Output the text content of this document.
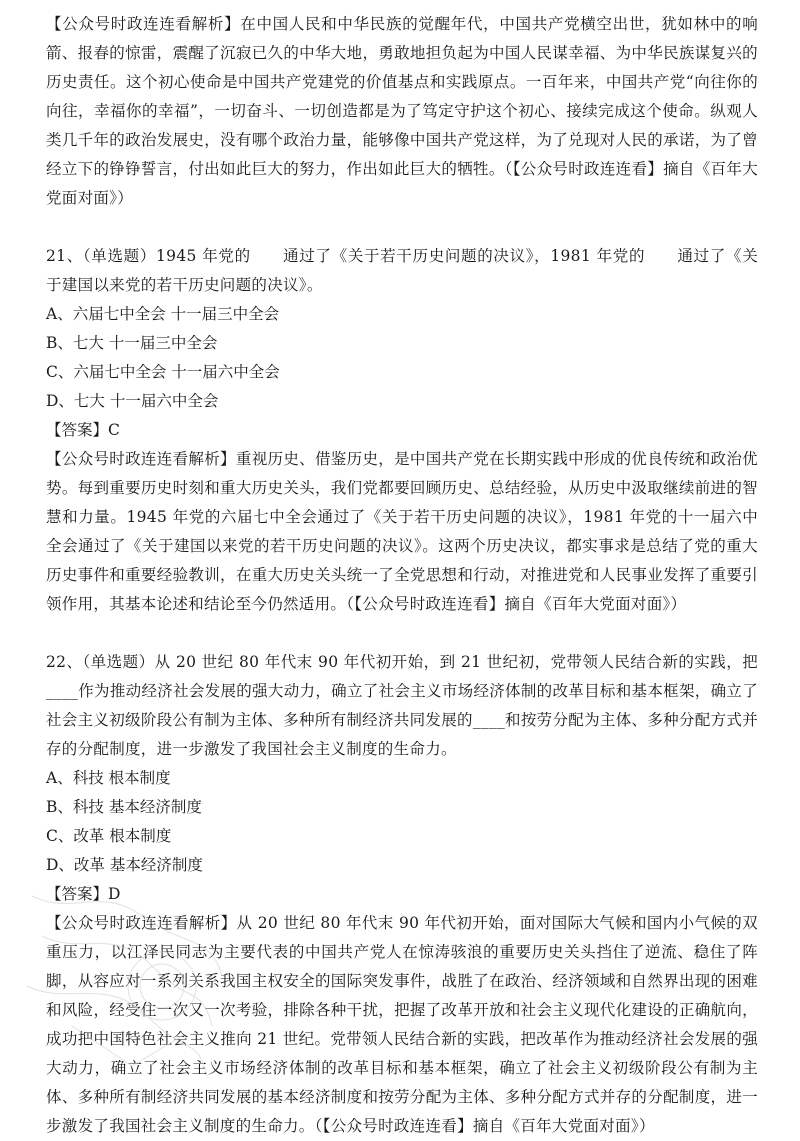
【公众号时政连连看解析】在中国人民和中华民族的觉醒年代，中国共产党横空出世，犹如林中的响箭、报春的惊雷，震醒了沉寂已久的中华大地，勇敢地担负起为中国人民谋幸福、为中华民族谋复兴的历史责任。这个初心使命是中国共产党建党的价值基点和实践原点。一百年来，中国共产党“向往你的向往，幸福你的幸福”，一切奋斗、一切创造都是为了笃定守护这个初心、接续完成这个使命。纵观人类几千年的政治发展史，没有哪个政治力量，能够像中国共产党这样，为了兑现对人民的承诺，为了曾经立下的铮铮誓言，付出如此巨大的努力，作出如此巨大的牺牲。（【公众号时政连连看】摘自《百年大党面对面》）

21、（单选题）1945 年党的　　通过了《关于若干历史问题的决议》，1981 年党的　　通过了《关于建国以来党的若干历史问题的决议》。

A、六届七中全会 十一届三中全会

B、七大 十一届三中全会

C、六届七中全会 十一届六中全会

D、七大 十一届六中全会

【答案】C

【公众号时政连连看解析】重视历史、借鉴历史，是中国共产党在长期实践中形成的优良传统和政治优势。每到重要历史时刻和重大历史关头，我们党都要回顾历史、总结经验，从历史中汲取继续前进的智慧和力量。1945 年党的六届七中全会通过了《关于若干历史问题的决议》，1981 年党的十一届六中全会通过了《关于建国以来党的若干历史问题的决议》。这两个历史决议，都实事求是总结了党的重大历史事件和重要经验教训，在重大历史关头统一了全党思想和行动，对推进党和人民事业发挥了重要引领作用，其基本论述和结论至今仍然适用。（【公众号时政连连看】摘自《百年大党面对面》）

22、（单选题）从 20 世纪 80 年代末 90 年代初开始，到 21 世纪初，党带领人民结合新的实践，把____作为推动经济社会发展的强大动力，确立了社会主义市场经济体制的改革目标和基本框架，确立了社会主义初级阶段公有制为主体、多种所有制经济共同发展的____和按劳分配为主体、多种分配方式并存的分配制度，进一步激发了我国社会主义制度的生命力。

A、科技 根本制度

B、科技 基本经济制度

C、改革 根本制度

D、改革 基本经济制度

【答案】D

【公众号时政连连看解析】从 20 世纪 80 年代末 90 年代初开始，面对国际大气候和国内小气候的双重压力，以江泽民同志为主要代表的中国共产党人在惊涛骇浪的重要历史关头挡住了逆流、稳住了阵脚，从容应对一系列关系我国主权安全的国际突发事件，战胜了在政治、经济领域和自然界出现的困难和风险，经受住一次又一次考验，排除各种干扰，把握了改革开放和社会主义现代化建设的正确航向，成功把中国特色社会主义推向 21 世纪。党带领人民结合新的实践，把改革作为推动经济社会发展的强大动力，确立了社会主义市场经济体制的改革目标和基本框架，确立了社会主义初级阶段公有制为主体、多种所有制经济共同发展的基本经济制度和按劳分配为主体、多种分配方式并存的分配制度，进一步激发了我国社会主义制度的生命力。（【公众号时政连连看】摘自《百年大党面对面》）
